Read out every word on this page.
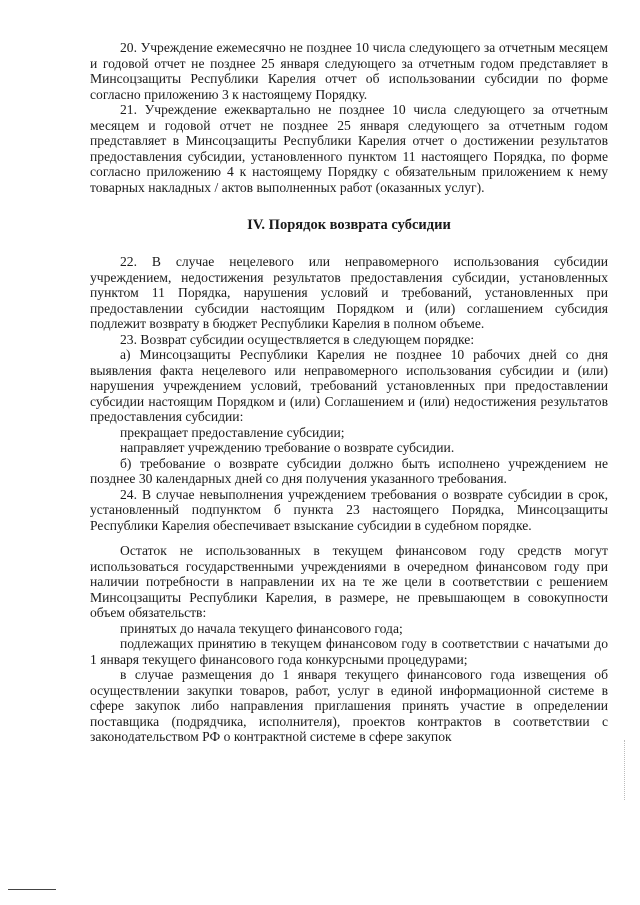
20. Учреждение ежемесячно не позднее 10 числа следующего за отчетным месяцем и годовой отчет не позднее 25 января следующего за отчетным годом представляет в Минсоцзащиты Республики Карелия отчет об использовании субсидии по форме согласно приложению 3 к настоящему Порядку.

21. Учреждение ежеквартально не позднее 10 числа следующего за отчетным месяцем и годовой отчет не позднее 25 января следующего за отчетным годом представляет в Минсоцзащиты Республики Карелия отчет о достижении результатов предоставления субсидии, установленного пунктом 11 настоящего Порядка, по форме согласно приложению 4 к настоящему Порядку с обязательным приложением к нему товарных накладных / актов выполненных работ (оказанных услуг).

IV. Порядок возврата субсидии

22. В случае нецелевого или неправомерного использования субсидии учреждением, недостижения результатов предоставления субсидии, установленных пунктом 11 Порядка, нарушения условий и требований, установленных при предоставлении субсидии настоящим Порядком и (или) соглашением субсидия подлежит возврату в бюджет Республики Карелия в полном объеме.

23. Возврат субсидии осуществляется в следующем порядке:

а) Минсоцзащиты Республики Карелия не позднее 10 рабочих дней со дня выявления факта нецелевого или неправомерного использования субсидии и (или) нарушения учреждением условий, требований установленных при предоставлении субсидии настоящим Порядком и (или) Соглашением и (или) недостижения результатов предоставления субсидии:

прекращает предоставление субсидии;

направляет учреждению требование о возврате субсидии.

б) требование о возврате субсидии должно быть исполнено учреждением не позднее 30 календарных дней со дня получения указанного требования.

24. В случае невыполнения учреждением требования о возврате субсидии в срок, установленный подпунктом б пункта 23 настоящего Порядка, Минсоцзащиты Республики Карелия обеспечивает взыскание субсидии в судебном порядке.

Остаток не использованных в текущем финансовом году средств могут использоваться государственными учреждениями в очередном финансовом году при наличии потребности в направлении их на те же цели в соответствии с решением Минсоцзащиты Республики Карелия, в размере, не превышающем в совокупности объем обязательств:

принятых до начала текущего финансового года;

подлежащих принятию в текущем финансовом году в соответствии с начатыми до 1 января текущего финансового года конкурсными процедурами;

в случае размещения до 1 января текущего финансового года извещения об осуществлении закупки товаров, работ, услуг в единой информационной системе в сфере закупок либо направления приглашения принять участие в определении поставщика (подрядчика, исполнителя), проектов контрактов в соответствии с законодательством РФ о контрактной системе в сфере закупок
